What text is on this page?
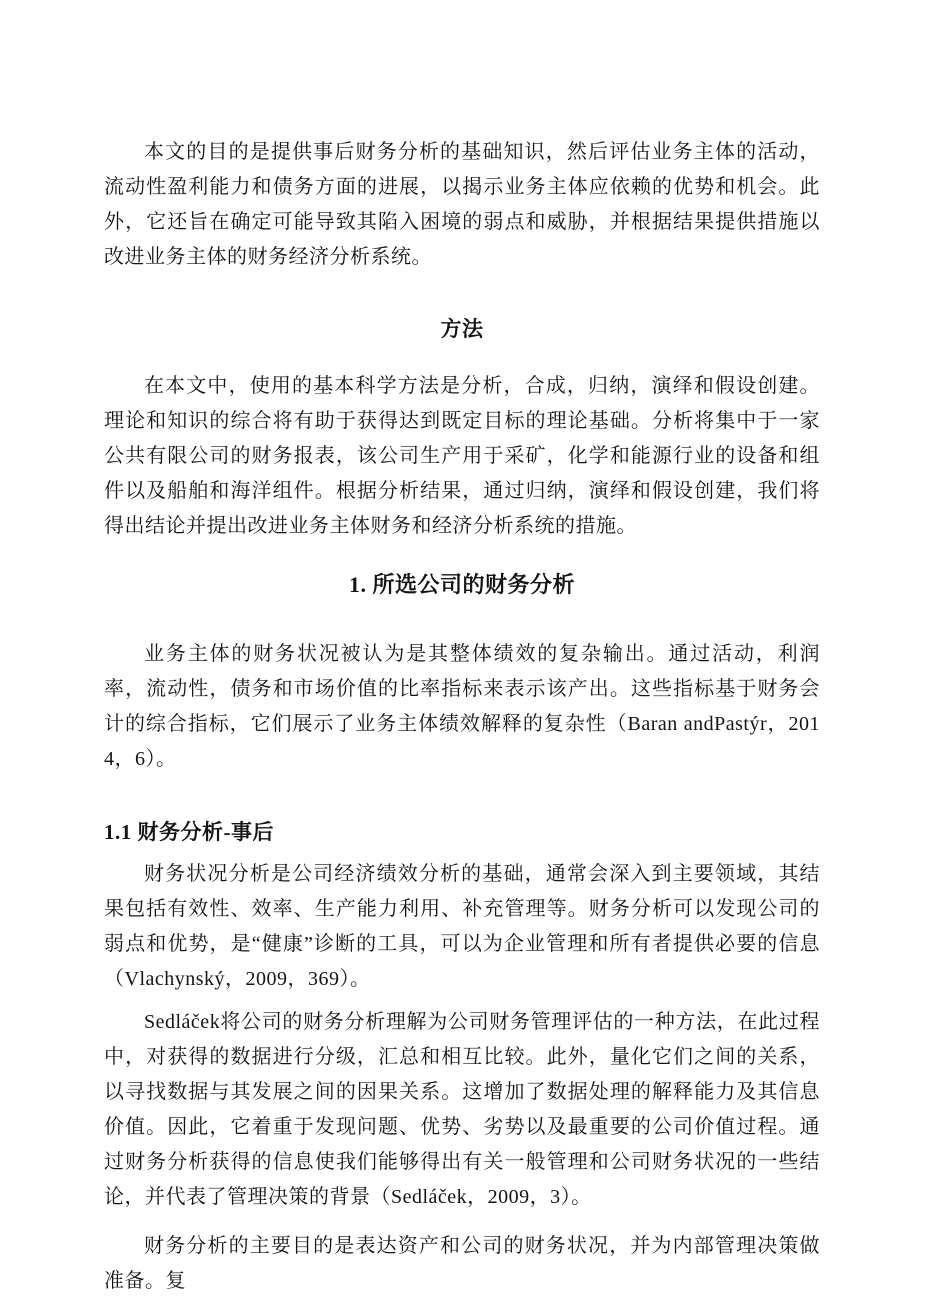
本文的目的是提供事后财务分析的基础知识，然后评估业务主体的活动，流动性盈利能力和债务方面的进展，以揭示业务主体应依赖的优势和机会。此外，它还旨在确定可能导致其陷入困境的弱点和威胁，并根据结果提供措施以改进业务主体的财务经济分析系统。

方法

在本文中，使用的基本科学方法是分析，合成，归纳，演绎和假设创建。理论和知识的综合将有助于获得达到既定目标的理论基础。分析将集中于一家公共有限公司的财务报表，该公司生产用于采矿，化学和能源行业的设备和组件以及船舶和海洋组件。根据分析结果，通过归纳，演绎和假设创建，我们将得出结论并提出改进业务主体财务和经济分析系统的措施。

1. 所选公司的财务分析

业务主体的财务状况被认为是其整体绩效的复杂输出。通过活动，利润率，流动性，债务和市场价值的比率指标来表示该产出。这些指标基于财务会计的综合指标，它们展示了业务主体绩效解释的复杂性（Baran andPastýr，2014，6）。

1.1 财务分析-事后

财务状况分析是公司经济绩效分析的基础，通常会深入到主要领域，其结果包括有效性、效率、生产能力利用、补充管理等。财务分析可以发现公司的弱点和优势，是“健康”诊断的工具，可以为企业管理和所有者提供必要的信息（Vlachynský，2009，369）。

Sedláček将公司的财务分析理解为公司财务管理评估的一种方法，在此过程中，对获得的数据进行分级，汇总和相互比较。此外，量化它们之间的关系，以寻找数据与其发展之间的因果关系。这增加了数据处理的解释能力及其信息价值。因此，它着重于发现问题、优势、劣势以及最重要的公司价值过程。通过财务分析获得的信息使我们能够得出有关一般管理和公司财务状况的一些结论，并代表了管理决策的背景（Sedláček，2009，3）。

财务分析的主要目的是表达资产和公司的财务状况，并为内部管理决策做准备。复
